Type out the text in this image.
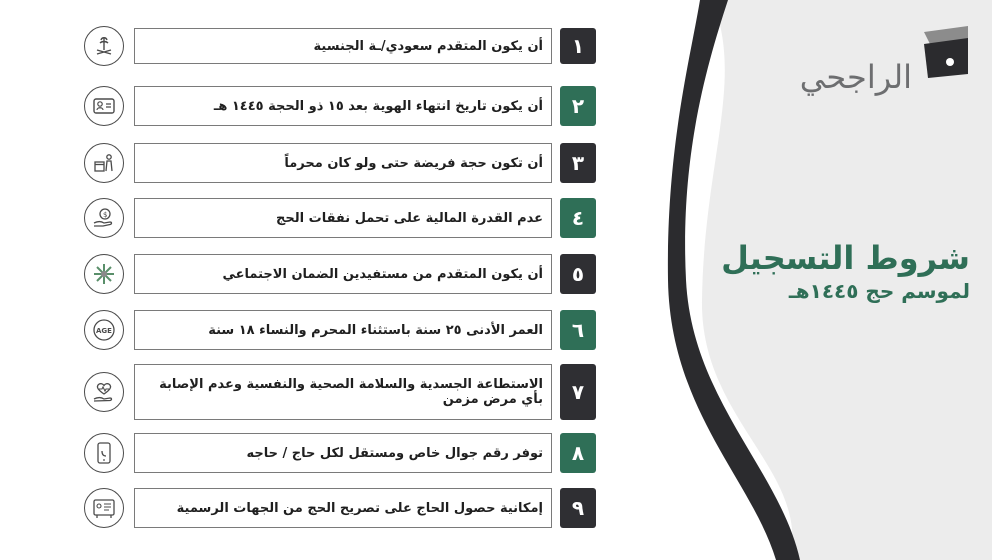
الراجحي
شروط التسجيل
لموسم حج ١٤٤٥هـ
أن يكون المتقدم سعودي/ـة الجنسية	١
أن يكون تاريخ انتهاء الهوية بعد ١٥ ذو الحجة ١٤٤٥ هـ	٢
أن تكون حجة فريضة حتى ولو كان محرماً	٣
$	عدم القدرة المالية على تحمل نفقات الحج	٤
أن يكون المتقدم من مستفيدين الضمان الاجتماعي	٥
AGE	العمر الأدنى ٢٥ سنة باستثناء المحرم والنساء ١٨ سنة	٦
الاستطاعة الجسدية والسلامة الصحية والنفسية وعدم الإصابة بأي مرض مزمن	٧
توفر رقم جوال خاص ومستقل لكل حاج / حاجه	٨
إمكانية حصول الحاج على تصريح الحج من الجهات الرسمية	٩
